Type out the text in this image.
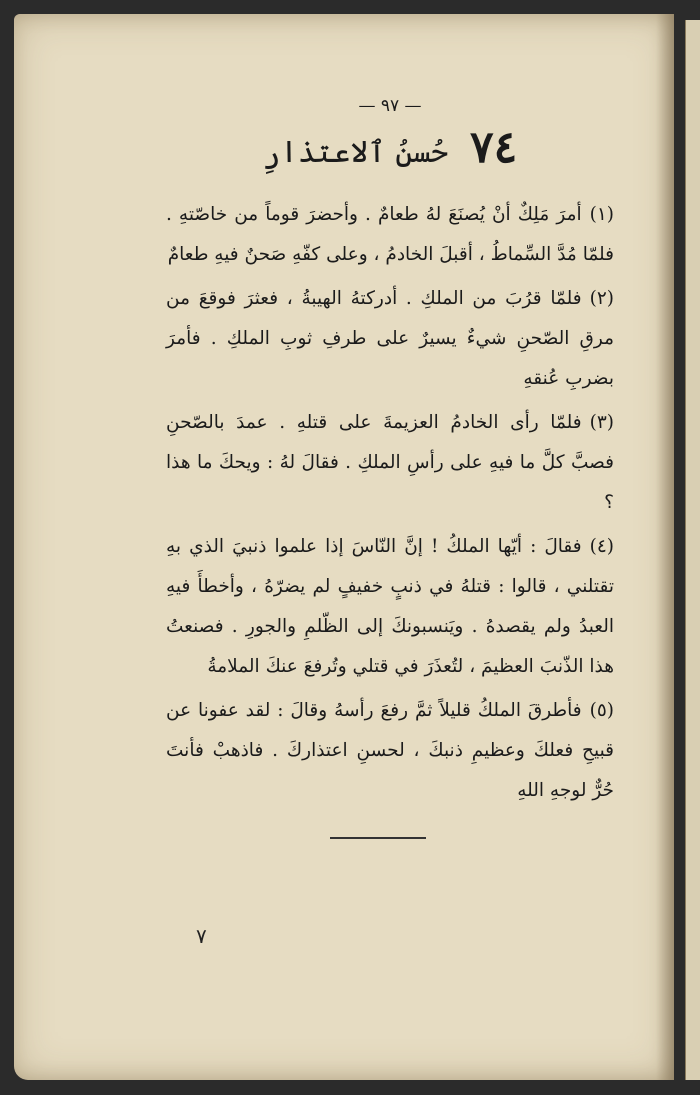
— ٩٧ —
٧٤
حُسنُ ٱلاعتذارِ

(١)أمرَ مَلِكٌ أنْ يُصنَعَ لهُ طعامٌ . وأحضرَ قوماً من خاصّتهِ . فلمّا مُدَّ السِّماطُ ، أقبلَ الخادمُ ، وعلى كفّهِ صَحنٌ فيهِ طعامٌ

(٢)فلمّا قرُبَ من الملكِ . أدركتهُ الهيبةُ ، فعثرَ فوقعَ من مرقِ الصّحنِ شيءٌ يسيرٌ على طرفِ ثوبِ الملكِ . فأمرَ بضربِ عُنقهِ

(٣)فلمّا رأى الخادمُ العزيمةَ على قتلهِ . عمدَ بالصّحنِ فصبَّ كلَّ ما فيهِ على رأسِ الملكِ . فقالَ لهُ : ويحكَ ما هذا ؟

(٤)فقالَ : أيّها الملكُ ! إنَّ النّاسَ إذا علموا ذنبيَ الذي بهِ تقتلني ، قالوا : قتلهُ في ذنبٍ خفيفٍ لم يضرّهُ ، وأخطأَ فيهِ العبدُ ولم يقصدهُ . ويَنسبونكَ إلى الظّلمِ والجورِ . فصنعتُ هذا الذّنبَ العظيمَ ، لتُعذَرَ في قتلي وتُرفعَ عنكَ الملامةُ

(٥)فأطرقَ الملكُ قليلاً ثمَّ رفعَ رأسهُ وقالَ : لقد عفونا عن قبيحِ فعلكَ وعظيمِ ذنبكَ ، لحسنِ اعتذاركَ . فاذهبْ فأنتَ حُرٌّ لوجهِ اللهِ

٧
